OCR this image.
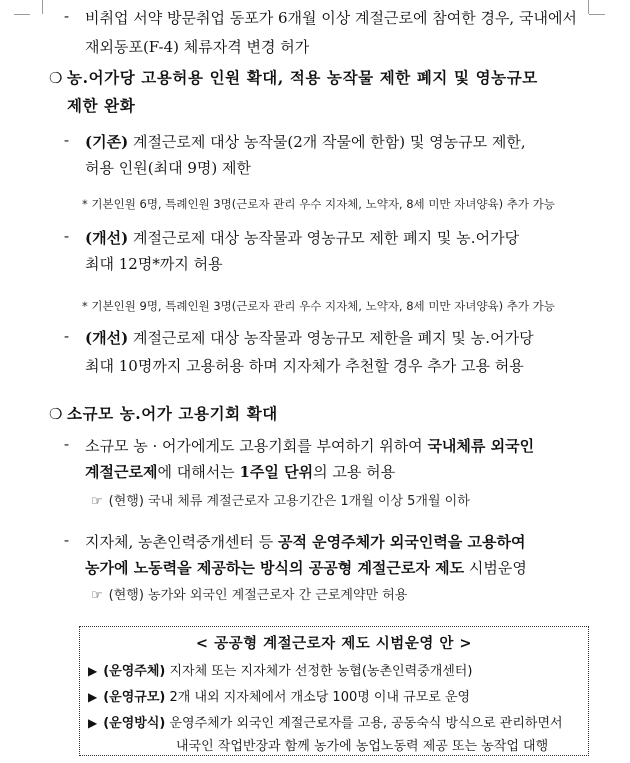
- 비취업 서약 방문취업 동포가 6개월 이상 계절근로에 참여한 경우, 국내에서
재외동포(F-4) 체류자격 변경 허가
❍ 농․어가당 고용허용 인원 확대, 적용 농작물 제한 폐지 및 영농규모
제한 완화
- (기존) 계절근로제 대상 농작물(2개 작물에 한함) 및 영농규모 제한,
허용 인원(최대 9명) 제한
* 기본인원 6명, 특례인원 3명(근로자 관리 우수 지자체, 노약자, 8세 미만 자녀양육) 추가 가능
- (개선) 계절근로제 대상 농작물과 영농규모 제한 폐지 및 농․어가당
최대 12명*까지 허용
* 기본인원 9명, 특례인원 3명(근로자 관리 우수 지자체, 노약자, 8세 미만 자녀양육) 추가 가능
- (개선) 계절근로제 대상 농작물과 영농규모 제한을 폐지 및 농․어가당
최대 10명까지 고용허용 하며 지자체가 추천할 경우 추가 고용 허용
❍ 소규모 농․어가 고용기회 확대
- 소규모 농 · 어가에게도 고용기회를 부여하기 위하여 국내체류 외국인
계절근로제에 대해서는 1주일 단위의 고용 허용
☞ (현행) 국내 체류 계절근로자 고용기간은 1개월 이상 5개월 이하
- 지자체, 농촌인력중개센터 등 공적 운영주체가 외국인력을 고용하여
농가에 노동력을 제공하는 방식의 공공형 계절근로자 제도 시범운영
☞ (현행) 농가와 외국인 계절근로자 간 근로계약만 허용
< 공공형 계절근로자 제도 시범운영 안 >
▶ (운영주체) 지자체 또는 지자체가 선정한 농협(농촌인력중개센터)
▶ (운영규모) 2개 내외 지자체에서 개소당 100명 이내 규모로 운영
▶ (운영방식) 운영주체가 외국인 계절근로자를 고용, 공동숙식 방식으로 관리하면서
내국인 작업반장과 함께 농가에 농업노동력 제공 또는 농작업 대행
